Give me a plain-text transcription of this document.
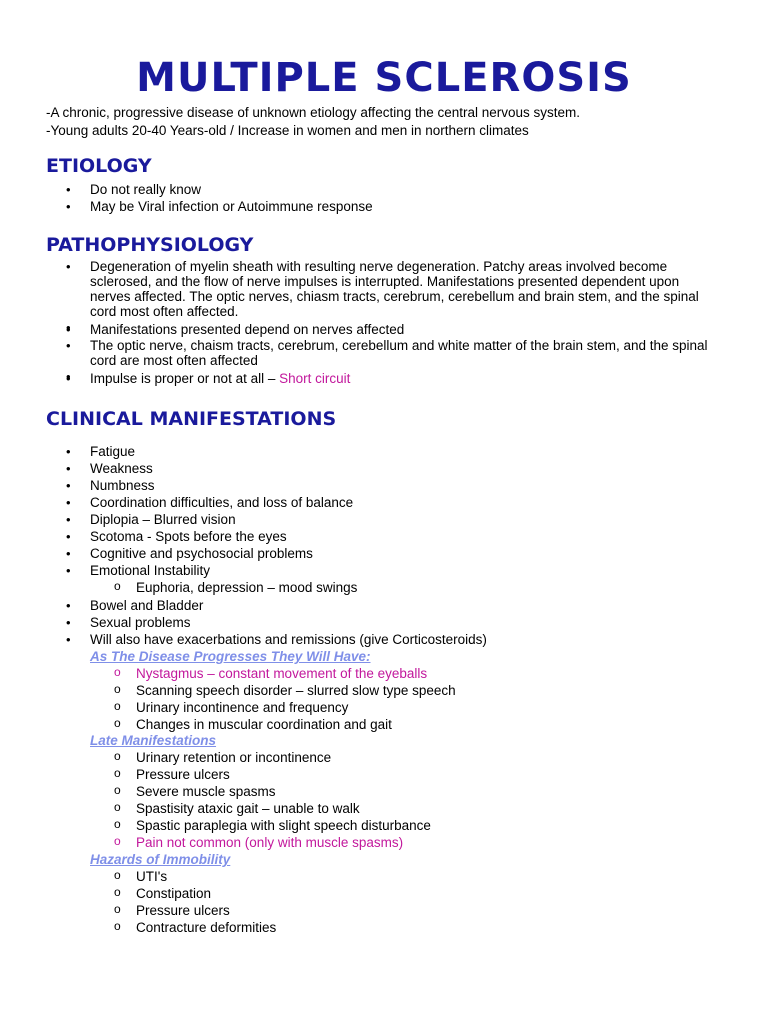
MULTIPLE SCLEROSIS
-A chronic, progressive disease of unknown etiology affecting the central nervous system.
-Young adults 20-40 Years-old / Increase in women and men in northern climates
ETIOLOGY
• Do not really know
• May be Viral infection or Autoimmune response
PATHOPHYSIOLOGY
• Degeneration of myelin sheath with resulting nerve degeneration. Patchy areas involved become sclerosed, and the flow of nerve impulses is interrupted. Manifestations presented dependent upon nerves affected. The optic nerves, chiasm tracts, cerebrum, cerebellum and brain stem, and the spinal cord most often affected.
•
• Manifestations presented depend on nerves affected
• The optic nerve, chaism tracts, cerebrum, cerebellum and white matter of the brain stem, and the spinal cord are most often affected
•
• Impulse is proper or not at all – Short circuit
CLINICAL MANIFESTATIONS
• Fatigue
• Weakness
• Numbness
• Coordination difficulties, and loss of balance
• Diplopia – Blurred vision
• Scotoma - Spots before the eyes
• Cognitive and psychosocial problems
• Emotional Instability
o Euphoria, depression – mood swings
• Bowel and Bladder
• Sexual problems
• Will also have exacerbations and remissions (give Corticosteroids)
As The Disease Progresses They Will Have:
o Nystagmus – constant movement of the eyeballs
o Scanning speech disorder – slurred slow type speech
o Urinary incontinence and frequency
o Changes in muscular coordination and gait
Late Manifestations
o Urinary retention or incontinence
o Pressure ulcers
o Severe muscle spasms
o Spastisity ataxic gait – unable to walk
o Spastic paraplegia with slight speech disturbance
o Pain not common (only with muscle spasms)
Hazards of Immobility
o UTI's
o Constipation
o Pressure ulcers
o Contracture deformities
